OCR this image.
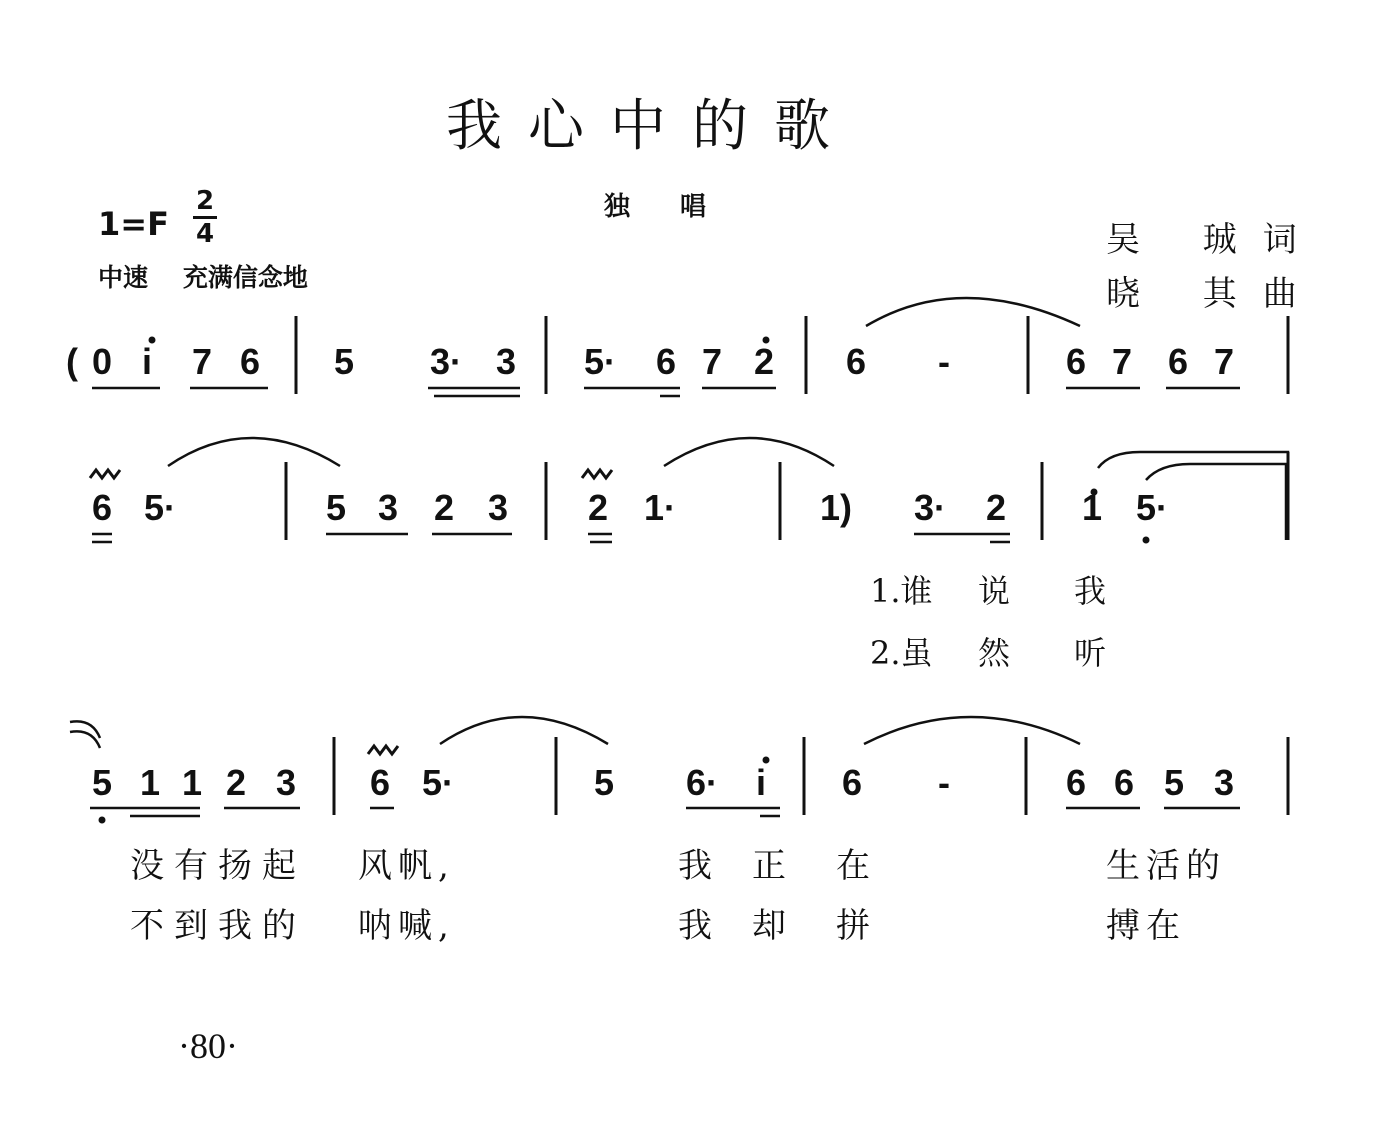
我心中的歌
独唱
1=F
2
4
中速    充满信念地
吴 珹词
晓 其曲
( 0 i 7 6 5 3· 3 5· 6 7 2 6 -	6 7 6 7
6 5·	5 3 2 3 2 1·	1) 3· 2 1 5·
5 1 1 2 3 6 5·	5 6· i 6 -	6 6 5 3
1.谁 说 我
2.虽 然 听
没有扬起 风帆,	我 正 在	生活的
不到我的 呐喊,	我 却 拼	搏在
·80·
